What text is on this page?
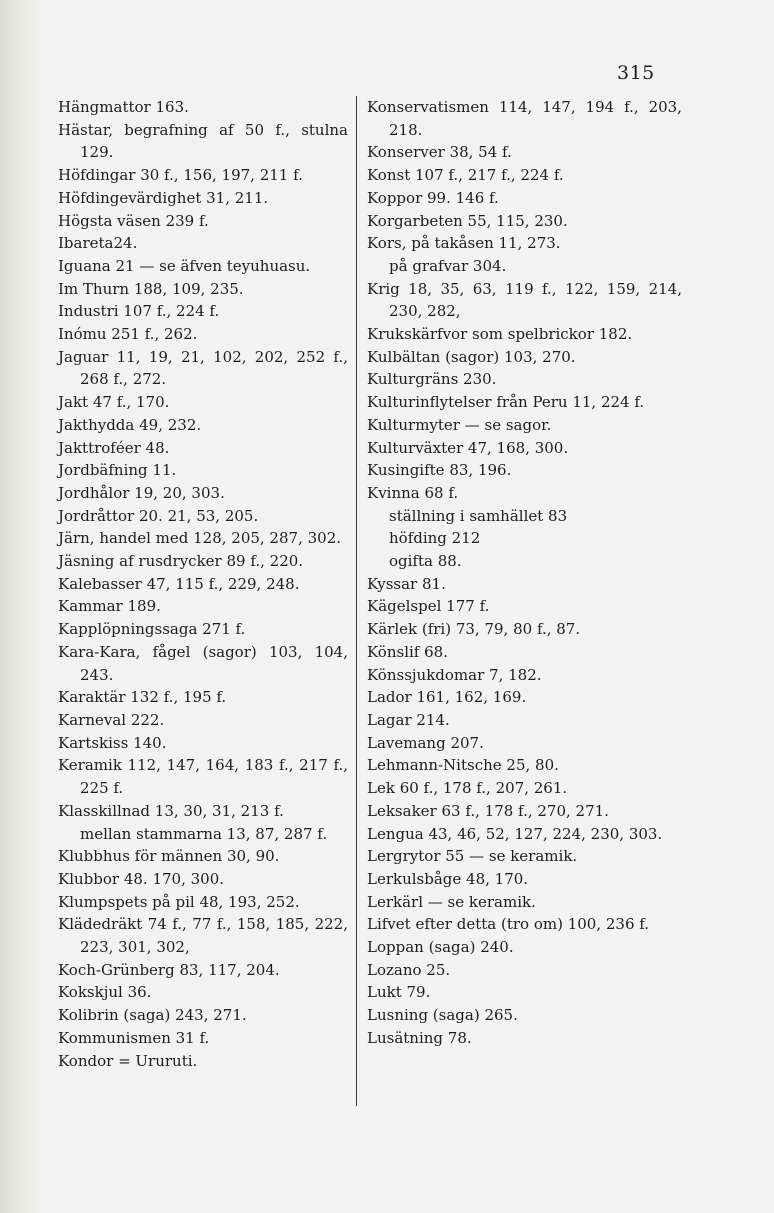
315
Hängmattor 163.
Hästar, begrafning af 50 f., stulna 129.
Höfdingar 30 f., 156, 197, 211 f.
Höfdingevärdighet 31, 211.
Högsta väsen 239 f.
Ibareta24.
Iguana 21 — se äfven teyuhuasu.
Im Thurn 188, 109, 235.
Industri 107 f., 224 f.
Inómu 251 f., 262.
Jaguar 11, 19, 21, 102, 202, 252 f., 268 f., 272.
Jakt 47 f., 170.
Jakthydda 49, 232.
Jakttroféer 48.
Jordbäfning 11.
Jordhålor 19, 20, 303.
Jordråttor 20. 21, 53, 205.
Järn, handel med 128, 205, 287, 302.
Jäsning af rusdrycker 89 f., 220.
Kalebasser 47, 115 f., 229, 248.
Kammar 189.
Kapplöpningssaga 271 f.
Kara-Kara, fågel (sagor) 103, 104, 243.
Karaktär 132 f., 195 f.
Karneval 222.
Kartskiss 140.
Keramik 112, 147, 164, 183 f., 217 f., 225 f.
Klasskillnad 13, 30, 31, 213 f.
mellan stammarna 13, 87, 287 f.
Klubbhus för männen 30, 90.
Klubbor 48. 170, 300.
Klumpspets på pil 48, 193, 252.
Klädedräkt 74 f., 77 f., 158, 185, 222, 223, 301, 302,
Koch-Grünberg 83, 117, 204.
Kokskjul 36.
Kolibrin (saga) 243, 271.
Kommunismen 31 f.
Kondor = Ururuti.
Konservatismen 114, 147, 194 f., 203, 218.
Konserver 38, 54 f.
Konst 107 f., 217 f., 224 f.
Koppor 99. 146 f.
Korgarbeten 55, 115, 230.
Kors, på takåsen 11, 273.
på grafvar 304.
Krig 18, 35, 63, 119 f., 122, 159, 214, 230, 282,
Krukskärfvor som spelbrickor 182.
Kulbältan (sagor) 103, 270.
Kulturgräns 230.
Kulturinflytelser från Peru 11, 224 f.
Kulturmyter — se sagor.
Kulturväxter 47, 168, 300.
Kusingifte 83, 196.
Kvinna 68 f.
ställning i samhället 83
höfding 212
ogifta 88.
Kyssar 81.
Kägelspel 177 f.
Kärlek (fri) 73, 79, 80 f., 87.
Könslif 68.
Könssjukdomar 7, 182.
Lador 161, 162, 169.
Lagar 214.
Lavemang 207.
Lehmann-Nitsche 25, 80.
Lek 60 f., 178 f., 207, 261.
Leksaker 63 f., 178 f., 270, 271.
Lengua 43, 46, 52, 127, 224, 230, 303.
Lergrytor 55 — se keramik.
Lerkulsbåge 48, 170.
Lerkärl — se keramik.
Lifvet efter detta (tro om) 100, 236 f.
Loppan (saga) 240.
Lozano 25.
Lukt 79.
Lusning (saga) 265.
Lusätning 78.
